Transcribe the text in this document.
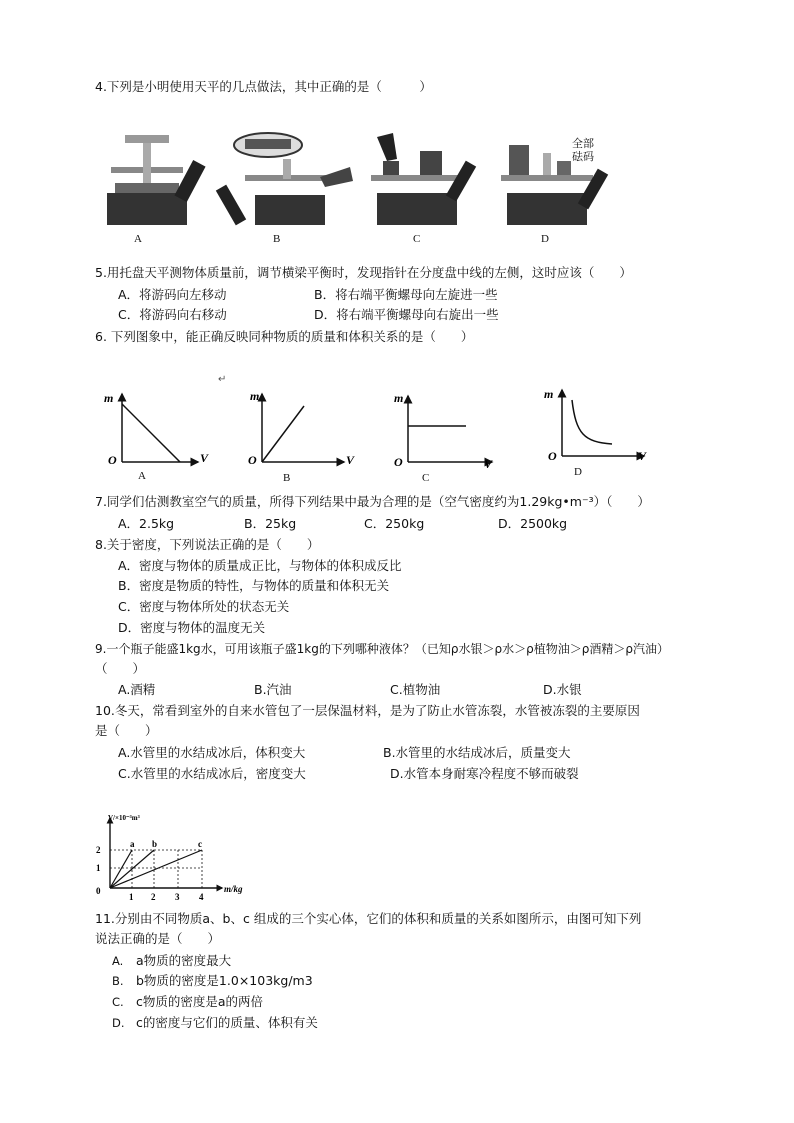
4.下列是小明使用天平的几点做法，其中正确的是（　　　）
全部
砝码
A	B	C	D
5.用托盘天平测物体质量前，调节横梁平衡时，发现指针在分度盘中线的左侧，这时应该（　　）
A．将游码向左移动	B．将右端平衡螺母向左旋进一些
C．将游码向右移动	D．将右端平衡螺母向右旋出一些
6. 下列图象中，能正确反映同种物质的质量和体积关系的是（　　）
↵
m
V
O
m
V
O
m
V
O
m
V
O
A	B	C	D
7.同学们估测教室空气的质量，所得下列结果中最为合理的是（空气密度约为1.29kg•m⁻³）（　　）
A．2.5kg	B．25kg	C．250kg	D．2500kg
8.关于密度，下列说法正确的是（　　）
A．密度与物体的质量成正比，与物体的体积成反比
B．密度是物质的特性，与物体的质量和体积无关
C．密度与物体所处的状态无关
D．密度与物体的温度无关
9.一个瓶子能盛1kg水，可用该瓶子盛1kg的下列哪种液体？（已知ρ水银＞ρ水＞ρ植物油＞ρ酒精＞ρ汽油）
（　　）
A.酒精	B.汽油	C.植物油	D.水银
10.冬天，常看到室外的自来水管包了一层保温材料，是为了防止水管冻裂，水管被冻裂的主要原因
是（　　）
A.水管里的水结成冰后，体积变大	B.水管里的水结成冰后，质量变大
C.水管里的水结成冰后，密度变大	D.水管本身耐寒冷程度不够而破裂
V/×10⁻³m³
m/kg
2
1
0
1 2 3 4
a b	c
11.分别由不同物质a、b、c 组成的三个实心体，它们的体积和质量的关系如图所示，由图可知下列
说法正确的是（　　）
A. a物质的密度最大
B. b物质的密度是1.0×103kg/m3
C. c物质的密度是a的两倍
D. c的密度与它们的质量、体积有关
